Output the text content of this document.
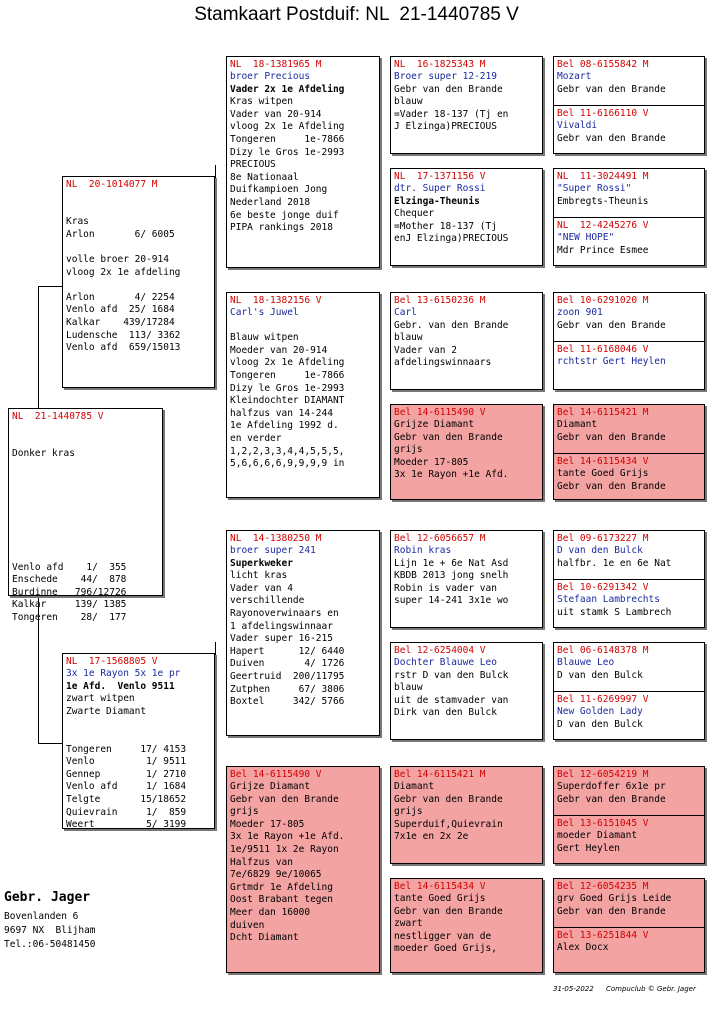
Stamkaart Postduif: NL  21-1440785 V
NL  21-1440785 V

Donker kras

Venlo afd    1/  355
Enschede    44/  878
Burdinne   796/12726
Kalkar     139/ 1385
Tongeren    28/  177
NL  20-1014077 M

Kras
Arlon       6/ 6005

volle broer 20-914
vloog 2x 1e afdeling

Arlon       4/ 2254
Venlo afd  25/ 1684
Kalkar    439/17284
Ludensche  113/ 3362
Venlo afd  659/15013
NL  17-1568805 V
3x 1e Rayon 5x 1e pr
1e Afd.  Venlo 9511
zwart witpen
Zwarte Diamant

Tongeren     17/ 4153
Venlo         1/ 9511
Gennep        1/ 2710
Venlo afd     1/ 1684
Telgte       15/18652
Quievrain     1/  859
Weert         5/ 3199
NL  18-1381965 M
broer Precious
Vader 2x 1e Afdeling
Kras witpen
Vader van 20-914
vloog 2x 1e Afdeling
Tongeren     1e-7866
Dizy le Gros 1e-2993
PRECIOUS
8e Nationaal
Duifkampioen Jong
Nederland 2018
6e beste jonge duif
PIPA rankings 2018
NL  18-1382156 V
Carl's Juwel

Blauw witpen
Moeder van 20-914
vloog 2x 1e Afdeling
Tongeren     1e-7866
Dizy le Gros 1e-2993
Kleindochter DIAMANT
halfzus van 14-244
1e Afdeling 1992 d.
en verder
1,2,2,3,3,4,4,5,5,5,
5,6,6,6,6,9,9,9,9 in
NL  14-1380250 M
broer super 241
Superkweker
licht kras
Vader van 4
verschillende
Rayonoverwinaars en
1 afdelingswinnaar
Vader super 16-215
Hapert      12/ 6440
Duiven       4/ 1726
Geertruid  200/11795
Zutphen     67/ 3806
Boxtel     342/ 5766
Bel 14-6115490 V
Grijze Diamant
Gebr van den Brande
grijs
Moeder 17-805
3x 1e Rayon +1e Afd.
1e/9511 1x 2e Rayon
Halfzus van
7e/6829 9e/10065
Grtmdr 1e Afdeling
Oost Brabant tegen
Meer dan 16000
duiven
Dcht Diamant
NL  16-1825343 M
Broer super 12-219
Gebr van den Brande
blauw
=Vader 18-137 (Tj en
J Elzinga)PRECIOUS
NL  17-1371156 V
dtr. Super Rossi
Elzinga-Theunis
Chequer
=Mother 18-137 (Tj
enJ Elzinga)PRECIOUS
Bel 13-6150236 M
Carl
Gebr. van den Brande
blauw
Vader van 2
afdelingswinnaars
Bel 14-6115490 V
Grijze Diamant
Gebr van den Brande
grijs
Moeder 17-805
3x 1e Rayon +1e Afd.
Bel 12-6056657 M
Robin kras
Lijn 1e + 6e Nat Asd
KBDB 2013 jong snelh
Robin is vader van
super 14-241 3x1e wo
Bel 12-6254004 V
Dochter Blauwe Leo
rstr D van den Bulck
blauw
uit de stamvader van
Dirk van den Bulck
Bel 14-6115421 M
Diamant
Gebr van den Brande
grijs
Superduif,Quievrain
7x1e en 2x 2e
Bel 14-6115434 V
tante Goed Grijs
Gebr van den Brande
zwart
nestligger van de
moeder Goed Grijs,
Bel 08-6155842 M
Mozart
Gebr van den Brande
Bel 11-6166110 V
Vivaldi
Gebr van den Brande
NL  11-3024491 M
"Super Rossi"
Embregts-Theunis
NL  12-4245276 V
"NEW HOPE"
Mdr Prince Esmee
Bel 10-6291020 M
zoon 901
Gebr van den Brande
Bel 11-6168046 V
rchtstr Gert Heylen
Bel 14-6115421 M
Diamant
Gebr van den Brande
Bel 14-6115434 V
tante Goed Grijs
Gebr van den Brande
Bel 09-6173227 M
D van den Bulck
halfbr. 1e en 6e Nat
Bel 10-6291342 V
Stefaan Lambrechts
uit stamk S Lambrech
Bel 06-6148378 M
Blauwe Leo
D van den Bulck
Bel 11-6269997 V
New Golden Lady
D van den Bulck
Bel 12-6054219 M
Superdoffer 6x1e pr
Gebr van den Brande
Bel 13-6151045 V
moeder Diamant
Gert Heylen
Bel 12-6054235 M
grv Goed Grijs Leide
Gebr van den Brande
Bel 13-6251844 V
Alex Docx
Gebr. Jager
Bovenlanden 6
9697 NX  Blijham
Tel.:06-50481450
31-05-2022 Compuclub © Gebr. Jager
